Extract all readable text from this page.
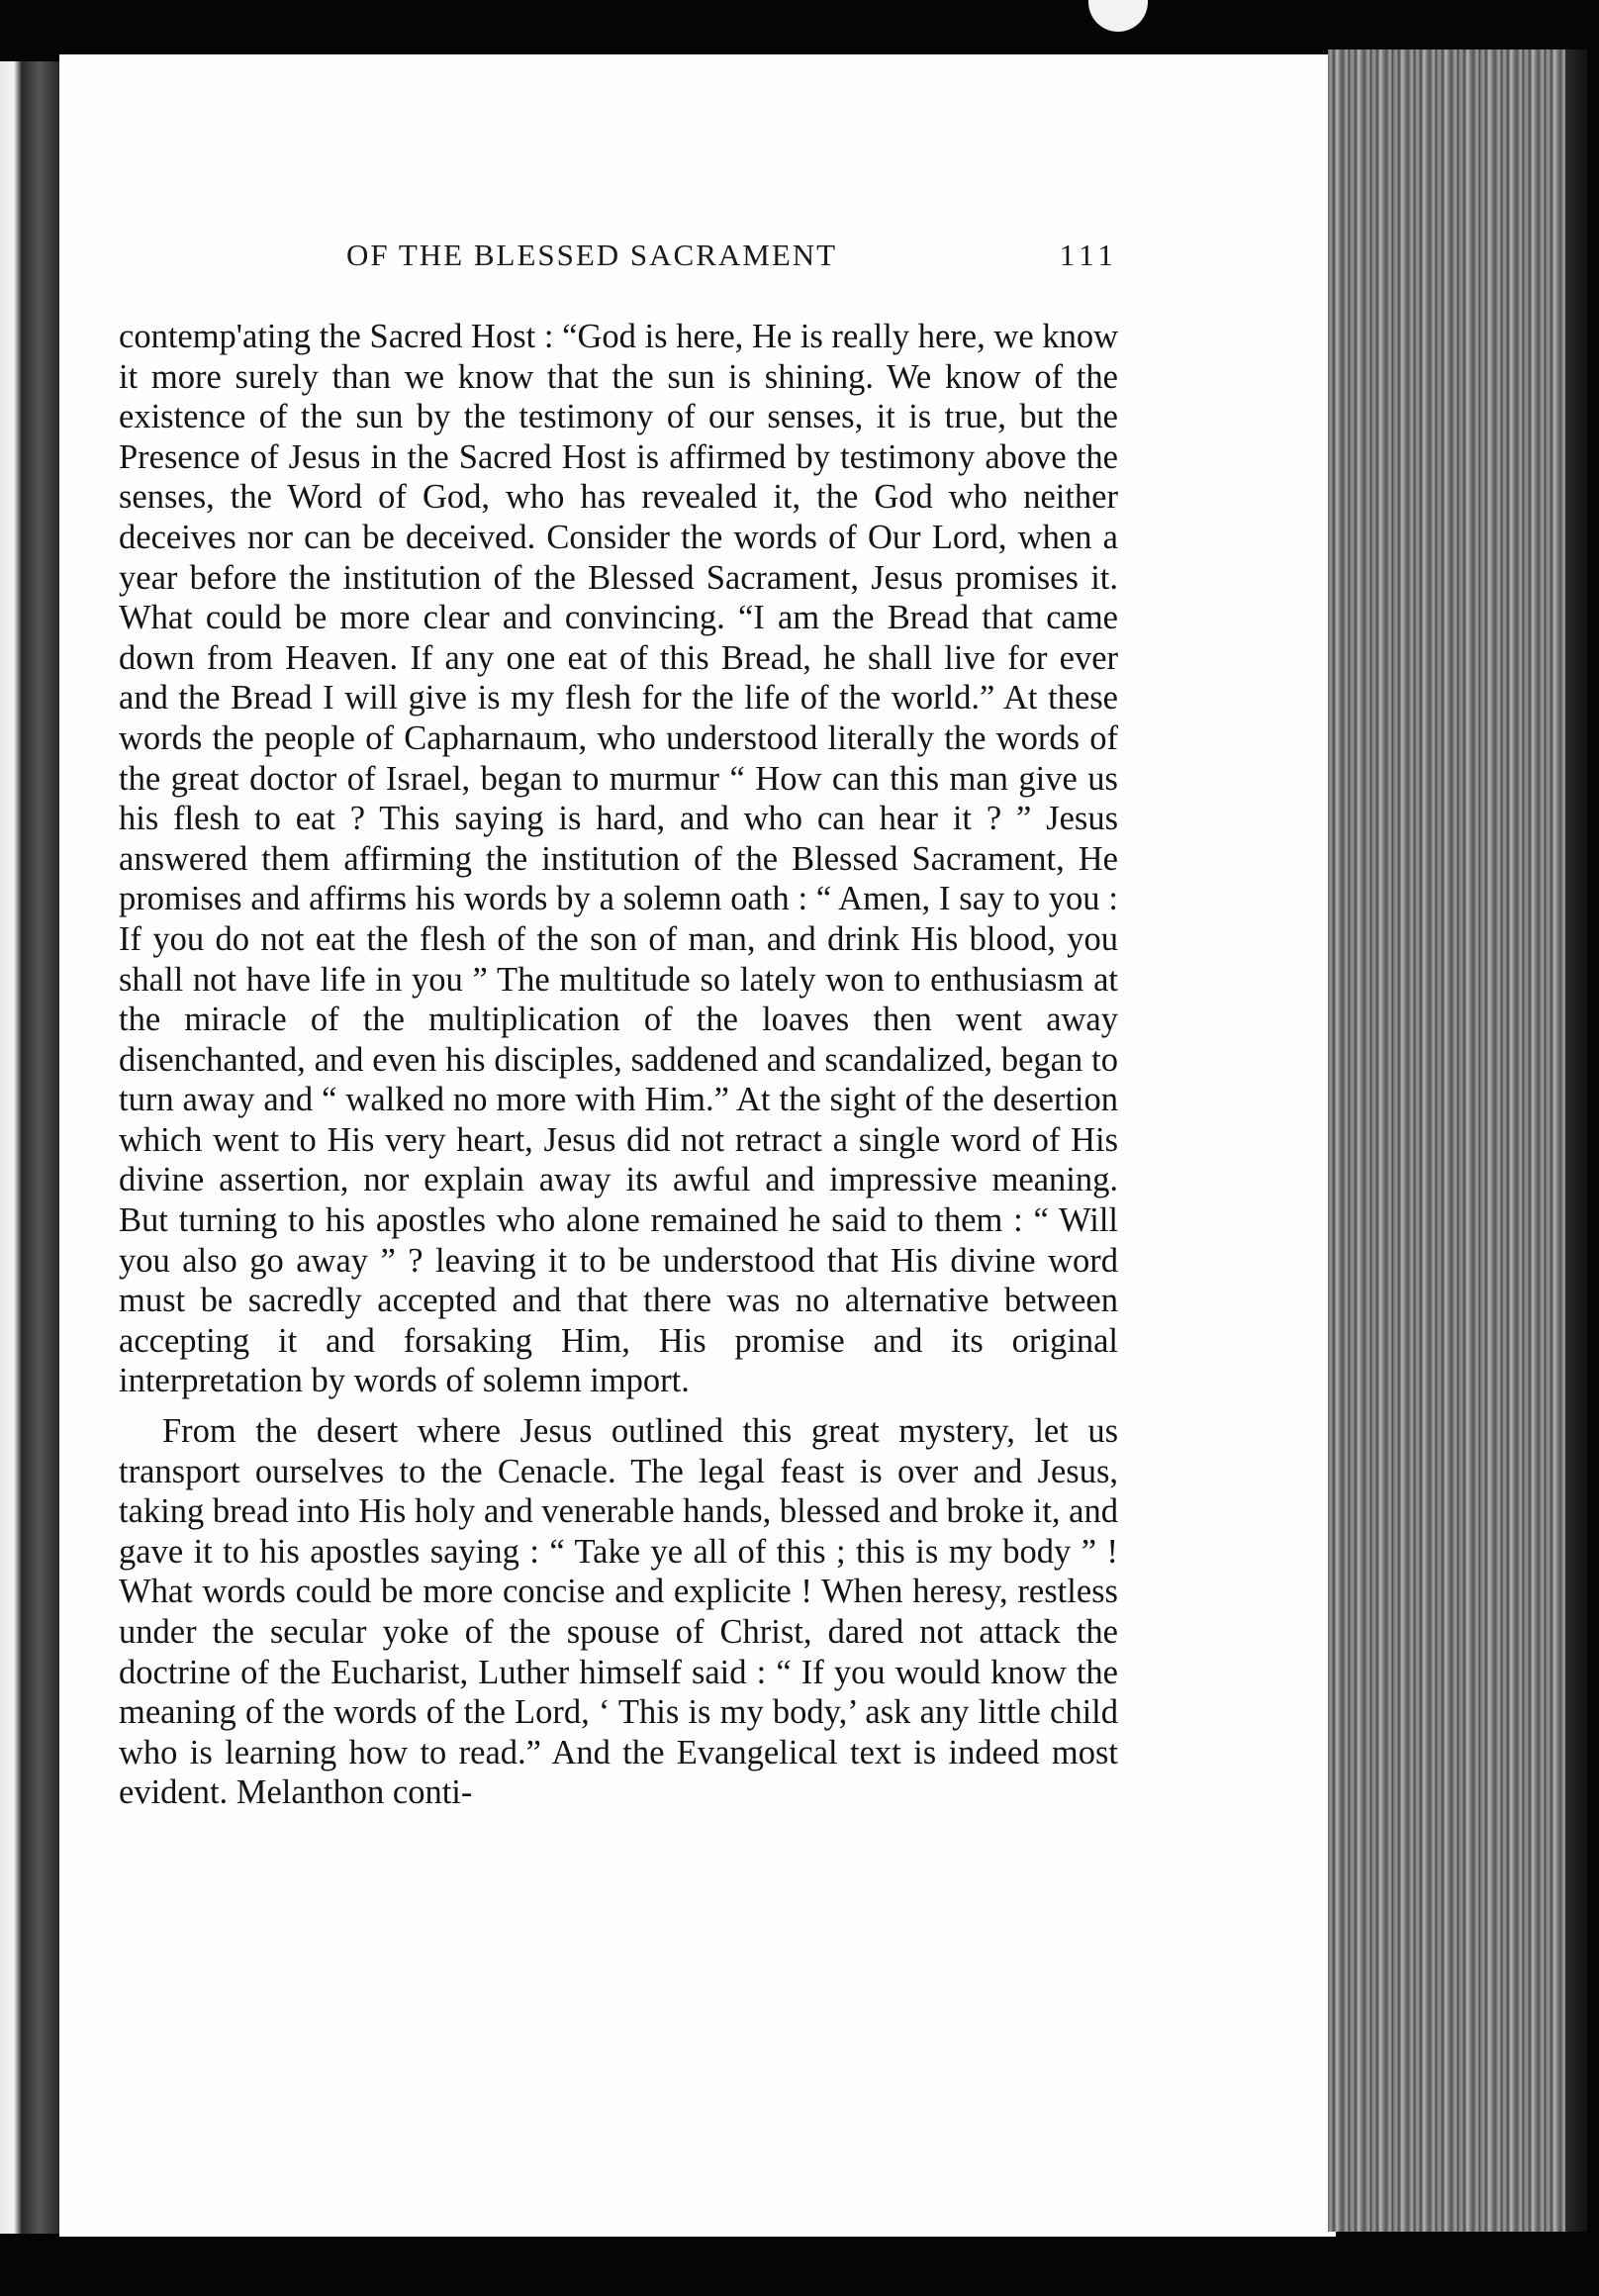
OF THE BLESSED SACRAMENT	111

contemp'ating the Sacred Host : “God is here, He is really here, we know it more surely than we know that the sun is shining. We know of the existence of the sun by the testimony of our senses, it is true, but the Presence of Jesus in the Sacred Host is affirmed by testimony above the senses, the Word of God, who has revealed it, the God who neither deceives nor can be deceived. Consider the words of Our Lord, when a year before the institution of the Blessed Sacrament, Jesus promises it. What could be more clear and convincing. “I am the Bread that came down from Heaven. If any one eat of this Bread, he shall live for ever and the Bread I will give is my flesh for the life of the world.” At these words the people of Capharnaum, who understood literally the words of the great doctor of Israel, began to murmur “ How can this man give us his flesh to eat ? This saying is hard, and who can hear it ? ” Jesus answered them affirming the institution of the Blessed Sacrament, He promises and affirms his words by a solemn oath : “ Amen, I say to you : If you do not eat the flesh of the son of man, and drink His blood, you shall not have life in you ” The multitude so lately won to enthusiasm at the miracle of the multiplication of the loaves then went away disenchanted, and even his disciples, saddened and scandalized, began to turn away and “ walked no more with Him.” At the sight of the desertion which went to His very heart, Jesus did not retract a single word of His divine assertion, nor explain away its awful and impressive meaning. But turning to his apostles who alone remained he said to them : “ Will you also go away ” ? leaving it to be understood that His divine word must be sacredly accepted and that there was no alternative between accepting it and forsaking Him, His promise and its original interpretation by words of solemn import.

From the desert where Jesus outlined this great mystery, let us transport ourselves to the Cenacle. The legal feast is over and Jesus, taking bread into His holy and venerable hands, blessed and broke it, and gave it to his apostles saying : “ Take ye all of this ; this is my body ” ! What words could be more concise and explicite ! When heresy, restless under the secular yoke of the spouse of Christ, dared not attack the doctrine of the Eucharist, Luther himself said : “ If you would know the meaning of the words of the Lord, ‘ This is my body,’ ask any little child who is learning how to read.” And the Evangelical text is indeed most evident. Melanthon conti-
